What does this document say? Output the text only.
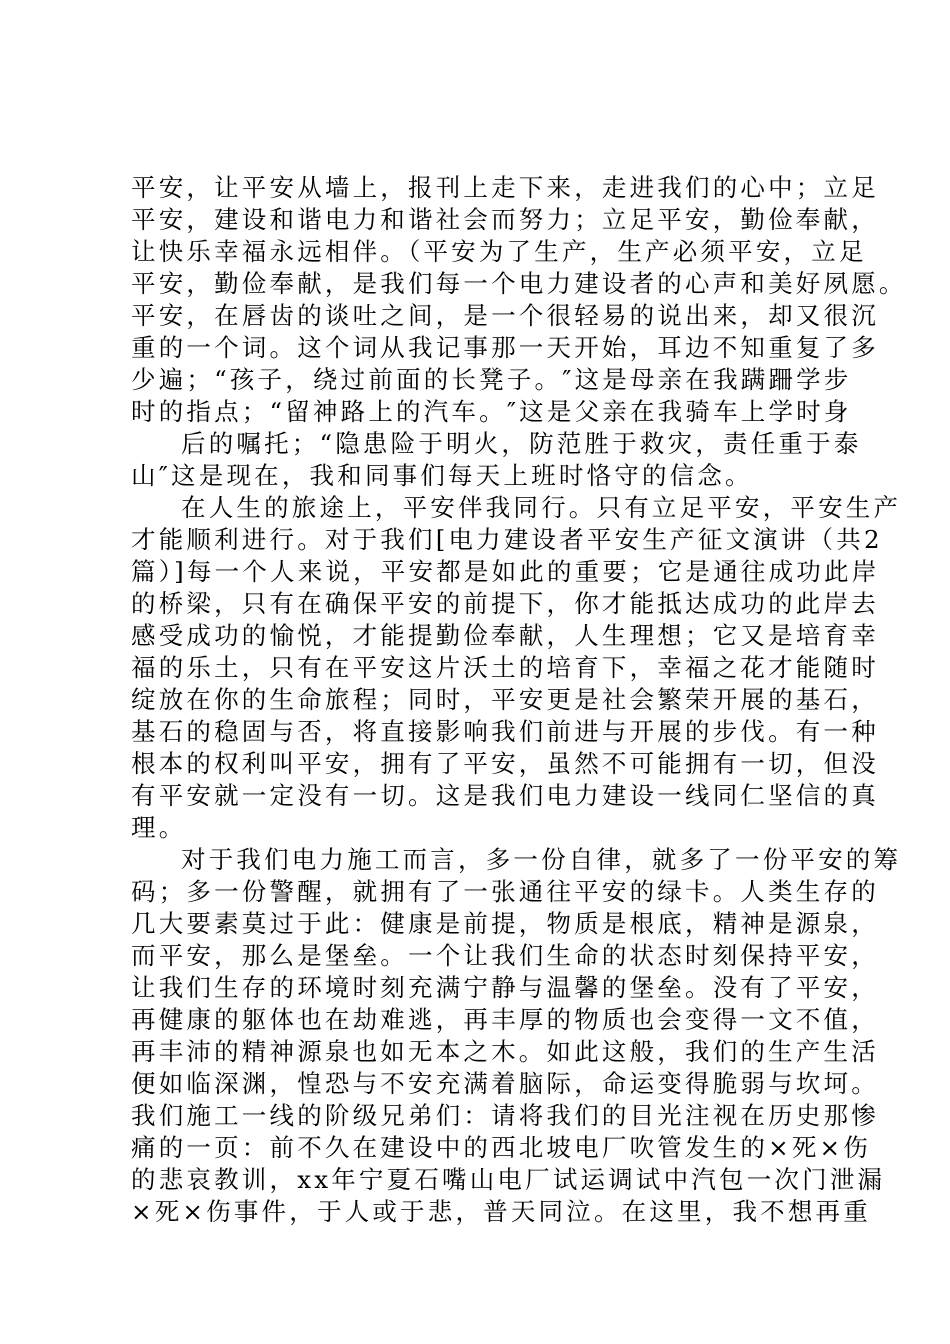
平安，让平安从墙上，报刊上走下来，走进我们的心中；立足
平安，建设和谐电力和谐社会而努力；立足平安，勤俭奉献，
让快乐幸福永远相伴。（平安为了生产，生产必须平安，立足
平安，勤俭奉献，是我们每一个电力建设者的心声和美好夙愿。
平安，在唇齿的谈吐之间，是一个很轻易的说出来，却又很沉
重的一个词。这个词从我记事那一天开始，耳边不知重复了多
少遍；“孩子，绕过前面的长凳子。″这是母亲在我蹒跚学步
时的指点；“留神路上的汽车。″这是父亲在我骑车上学时身
后的嘱托；“隐患险于明火，防范胜于救灾，责任重于泰
山″这是现在，我和同事们每天上班时恪守的信念。
在人生的旅途上，平安伴我同行。只有立足平安，平安生产
才能顺利进行。对于我们[电力建设者平安生产征文演讲（共2
篇）]每一个人来说，平安都是如此的重要；它是通往成功此岸
的桥梁，只有在确保平安的前提下，你才能抵达成功的此岸去
感受成功的愉悦，才能提勤俭奉献，人生理想；它又是培育幸
福的乐土，只有在平安这片沃土的培育下，幸福之花才能随时
绽放在你的生命旅程；同时，平安更是社会繁荣开展的基石，
基石的稳固与否，将直接影响我们前进与开展的步伐。有一种
根本的权利叫平安，拥有了平安，虽然不可能拥有一切，但没
有平安就一定没有一切。这是我们电力建设一线同仁坚信的真
理。
对于我们电力施工而言，多一份自律，就多了一份平安的筹
码；多一份警醒，就拥有了一张通往平安的绿卡。人类生存的
几大要素莫过于此：健康是前提，物质是根底，精神是源泉，
而平安，那么是堡垒。一个让我们生命的状态时刻保持平安，
让我们生存的环境时刻充满宁静与温馨的堡垒。没有了平安，
再健康的躯体也在劫难逃，再丰厚的物质也会变得一文不值，
再丰沛的精神源泉也如无本之木。如此这般，我们的生产生活
便如临深渊，惶恐与不安充满着脑际，命运变得脆弱与坎坷。
我们施工一线的阶级兄弟们：请将我们的目光注视在历史那惨
痛的一页：前不久在建设中的西北坡电厂吹管发生的×死×伤
的悲哀教训，xx年宁夏石嘴山电厂试运调试中汽包一次门泄漏
×死×伤事件，于人或于悲，普天同泣。在这里，我不想再重
